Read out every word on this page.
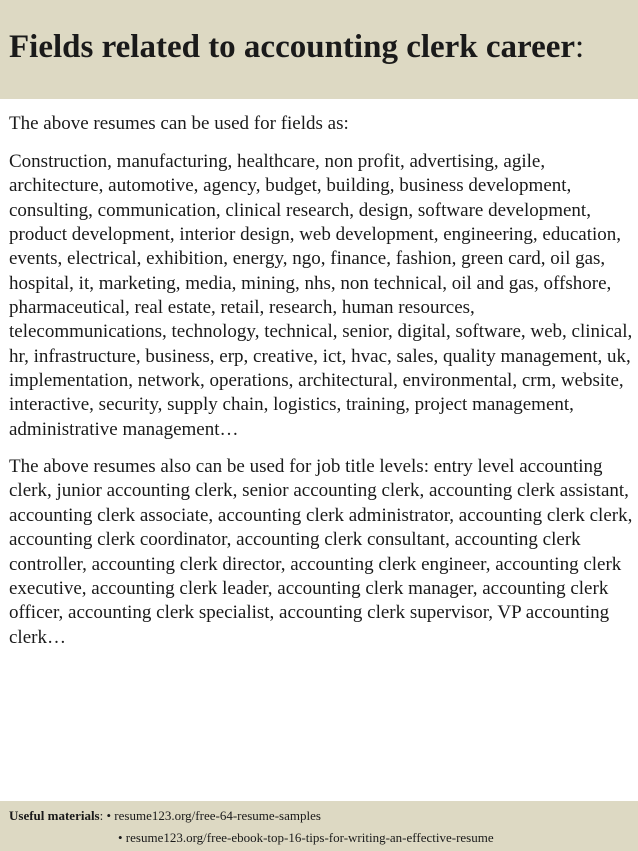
Fields related to accounting clerk career:

The above resumes can be used for fields as:

Construction, manufacturing, healthcare, non profit, advertising, agile, architecture, automotive, agency, budget, building, business development, consulting, communication, clinical research, design, software development, product development, interior design, web development, engineering, education, events, electrical, exhibition, energy, ngo, finance, fashion, green card, oil gas, hospital, it, marketing, media, mining, nhs, non technical, oil and gas, offshore, pharmaceutical, real estate, retail, research, human resources, telecommunications, technology, technical, senior, digital, software, web, clinical, hr, infrastructure, business, erp, creative, ict, hvac, sales, quality management, uk, implementation, network, operations, architectural, environmental, crm, website, interactive, security, supply chain, logistics, training, project management, administrative management…

The above resumes also can be used for job title levels: entry level accounting clerk, junior accounting clerk, senior accounting clerk, accounting clerk assistant, accounting clerk associate, accounting clerk administrator, accounting clerk clerk, accounting clerk coordinator, accounting clerk consultant, accounting clerk controller, accounting clerk director, accounting clerk engineer, accounting clerk executive, accounting clerk leader, accounting clerk manager, accounting clerk officer, accounting clerk specialist, accounting clerk supervisor, VP accounting clerk…

Useful materials : • resume123.org/free-64-resume-samples
• resume123.org/free-ebook-top-16-tips-for-writing-an-effective-resume
